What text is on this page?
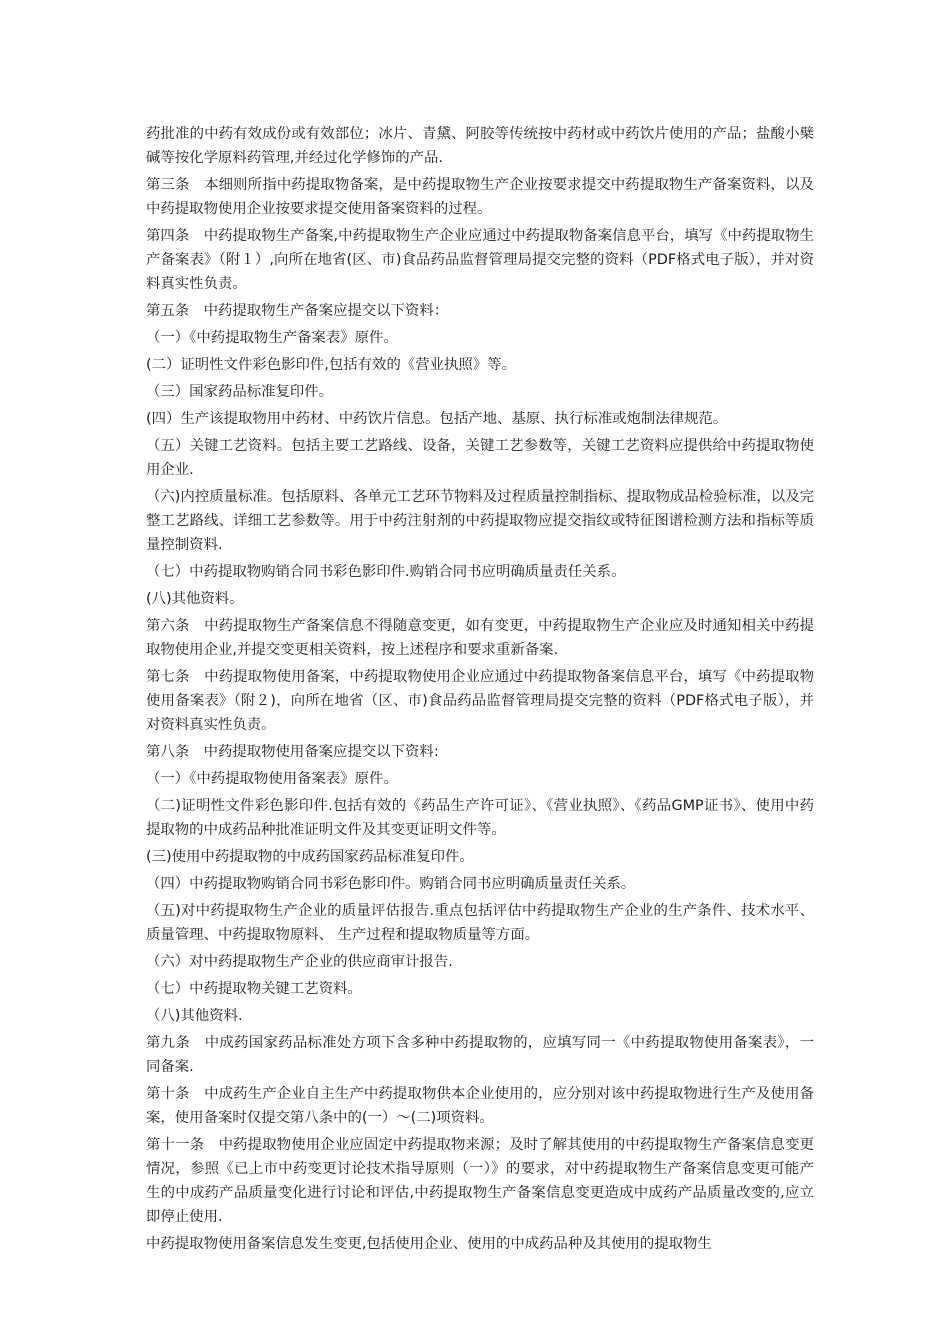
药批准的中药有效成份或有效部位；冰片、青黛、阿胶等传统按中药材或中药饮片使用的产品；盐酸小檗碱等按化学原料药管理,并经过化学修饰的产品.

第三条　本细则所指中药提取物备案，是中药提取物生产企业按要求提交中药提取物生产备案资料，以及中药提取物使用企业按要求提交使用备案资料的过程。

第四条　中药提取物生产备案,中药提取物生产企业应通过中药提取物备案信息平台，填写《中药提取物生产备案表》（附１）,向所在地省(区、市)食品药品监督管理局提交完整的资料（PDF格式电子版），并对资料真实性负责。

第五条　中药提取物生产备案应提交以下资料：

（一）《中药提取物生产备案表》原件。

(二）证明性文件彩色影印件,包括有效的《营业执照》等。

（三）国家药品标准复印件。

(四）生产该提取物用中药材、中药饮片信息。包括产地、基原、执行标准或炮制法律规范。

（五）关键工艺资料。包括主要工艺路线、设备，关键工艺参数等，关键工艺资料应提供给中药提取物使用企业.

（六)内控质量标准。包括原料、各单元工艺环节物料及过程质量控制指标、提取物成品检验标准，以及完整工艺路线、详细工艺参数等。用于中药注射剂的中药提取物应提交指纹或特征图谱检测方法和指标等质量控制资料.

（七）中药提取物购销合同书彩色影印件.购销合同书应明确质量责任关系。

(八)其他资料。

第六条　中药提取物生产备案信息不得随意变更，如有变更，中药提取物生产企业应及时通知相关中药提取物使用企业,并提交变更相关资料，按上述程序和要求重新备案.

第七条　中药提取物使用备案，中药提取物使用企业应通过中药提取物备案信息平台，填写《中药提取物使用备案表》（附２)，向所在地省（区、市)食品药品监督管理局提交完整的资料（PDF格式电子版），并对资料真实性负责。

第八条　中药提取物使用备案应提交以下资料:

（一）《中药提取物使用备案表》原件。

（二)证明性文件彩色影印件.包括有效的《药品生产许可证》、《营业执照》、《药品GMP证书》、使用中药提取物的中成药品种批准证明文件及其变更证明文件等。

(三)使用中药提取物的中成药国家药品标准复印件。

（四）中药提取物购销合同书彩色影印件。购销合同书应明确质量责任关系。

（五)对中药提取物生产企业的质量评估报告.重点包括评估中药提取物生产企业的生产条件、技术水平、质量管理、中药提取物原料、 生产过程和提取物质量等方面。

（六）对中药提取物生产企业的供应商审计报告.

（七）中药提取物关键工艺资料。

（八)其他资料.

第九条　中成药国家药品标准处方项下含多种中药提取物的，应填写同一《中药提取物使用备案表》，一同备案.

第十条　中成药生产企业自主生产中药提取物供本企业使用的，应分别对该中药提取物进行生产及使用备案，使用备案时仅提交第八条中的(一）～(二)项资料。

第十一条　中药提取物使用企业应固定中药提取物来源；及时了解其使用的中药提取物生产备案信息变更情况，参照《已上市中药变更讨论技术指导原则（一）》的要求，对中药提取物生产备案信息变更可能产生的中成药产品质量变化进行讨论和评估,中药提取物生产备案信息变更造成中成药产品质量改变的,应立即停止使用.

中药提取物使用备案信息发生变更,包括使用企业、使用的中成药品种及其使用的提取物生
